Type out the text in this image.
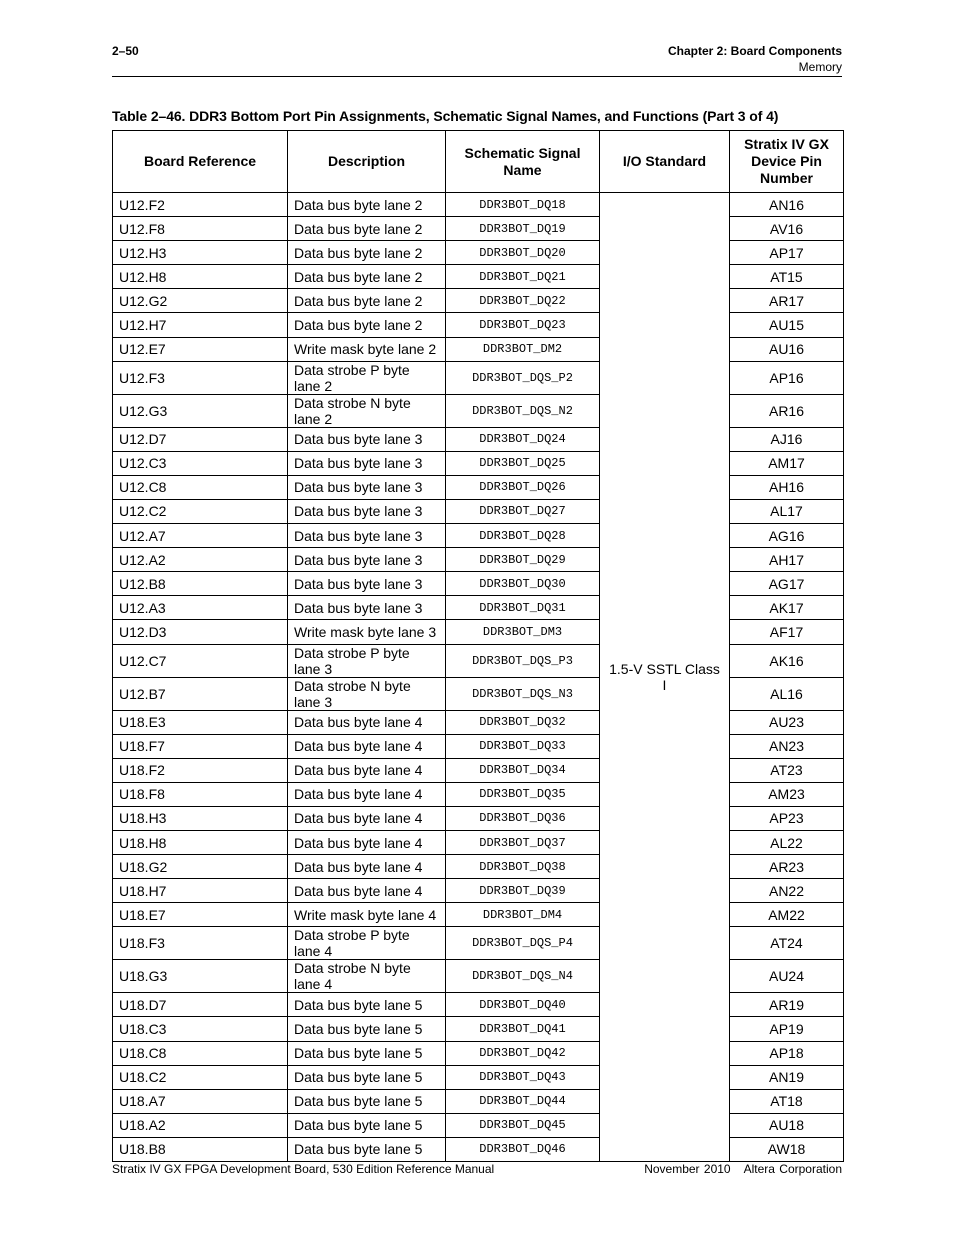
2–50	Chapter 2: Board Components
Memory
Table 2–46. DDR3 Bottom Port Pin Assignments, Schematic Signal Names, and Functions (Part 3 of 4)
Board Reference	Description	Schematic Signal Name	I/O Standard	Stratix IV GX Device Pin Number
U12.F2	Data bus byte lane 2	DDR3BOT_DQ18	1.5-V SSTL Class I	AN16
U12.F8	Data bus byte lane 2	DDR3BOT_DQ19		AV16
U12.H3	Data bus byte lane 2	DDR3BOT_DQ20		AP17
U12.H8	Data bus byte lane 2	DDR3BOT_DQ21		AT15
U12.G2	Data bus byte lane 2	DDR3BOT_DQ22		AR17
U12.H7	Data bus byte lane 2	DDR3BOT_DQ23		AU15
U12.E7	Write mask byte lane 2	DDR3BOT_DM2		AU16
U12.F3	Data strobe P byte lane 2	DDR3BOT_DQS_P2		AP16
U12.G3	Data strobe N byte lane 2	DDR3BOT_DQS_N2		AR16
U12.D7	Data bus byte lane 3	DDR3BOT_DQ24		AJ16
U12.C3	Data bus byte lane 3	DDR3BOT_DQ25		AM17
U12.C8	Data bus byte lane 3	DDR3BOT_DQ26		AH16
U12.C2	Data bus byte lane 3	DDR3BOT_DQ27		AL17
U12.A7	Data bus byte lane 3	DDR3BOT_DQ28		AG16
U12.A2	Data bus byte lane 3	DDR3BOT_DQ29		AH17
U12.B8	Data bus byte lane 3	DDR3BOT_DQ30		AG17
U12.A3	Data bus byte lane 3	DDR3BOT_DQ31		AK17
U12.D3	Write mask byte lane 3	DDR3BOT_DM3		AF17
U12.C7	Data strobe P byte lane 3	DDR3BOT_DQS_P3		AK16
U12.B7	Data strobe N byte lane 3	DDR3BOT_DQS_N3		AL16
U18.E3	Data bus byte lane 4	DDR3BOT_DQ32		AU23
U18.F7	Data bus byte lane 4	DDR3BOT_DQ33		AN23
U18.F2	Data bus byte lane 4	DDR3BOT_DQ34		AT23
U18.F8	Data bus byte lane 4	DDR3BOT_DQ35		AM23
U18.H3	Data bus byte lane 4	DDR3BOT_DQ36		AP23
U18.H8	Data bus byte lane 4	DDR3BOT_DQ37		AL22
U18.G2	Data bus byte lane 4	DDR3BOT_DQ38		AR23
U18.H7	Data bus byte lane 4	DDR3BOT_DQ39		AN22
U18.E7	Write mask byte lane 4	DDR3BOT_DM4		AM22
U18.F3	Data strobe P byte lane 4	DDR3BOT_DQS_P4		AT24
U18.G3	Data strobe N byte lane 4	DDR3BOT_DQS_N4		AU24
U18.D7	Data bus byte lane 5	DDR3BOT_DQ40		AR19
U18.C3	Data bus byte lane 5	DDR3BOT_DQ41		AP19
U18.C8	Data bus byte lane 5	DDR3BOT_DQ42		AP18
U18.C2	Data bus byte lane 5	DDR3BOT_DQ43		AN19
U18.A7	Data bus byte lane 5	DDR3BOT_DQ44		AT18
U18.A2	Data bus byte lane 5	DDR3BOT_DQ45		AU18
U18.B8	Data bus byte lane 5	DDR3BOT_DQ46		AW18
Stratix IV GX FPGA Development Board, 530 Edition Reference Manual	November 2010 Altera Corporation
